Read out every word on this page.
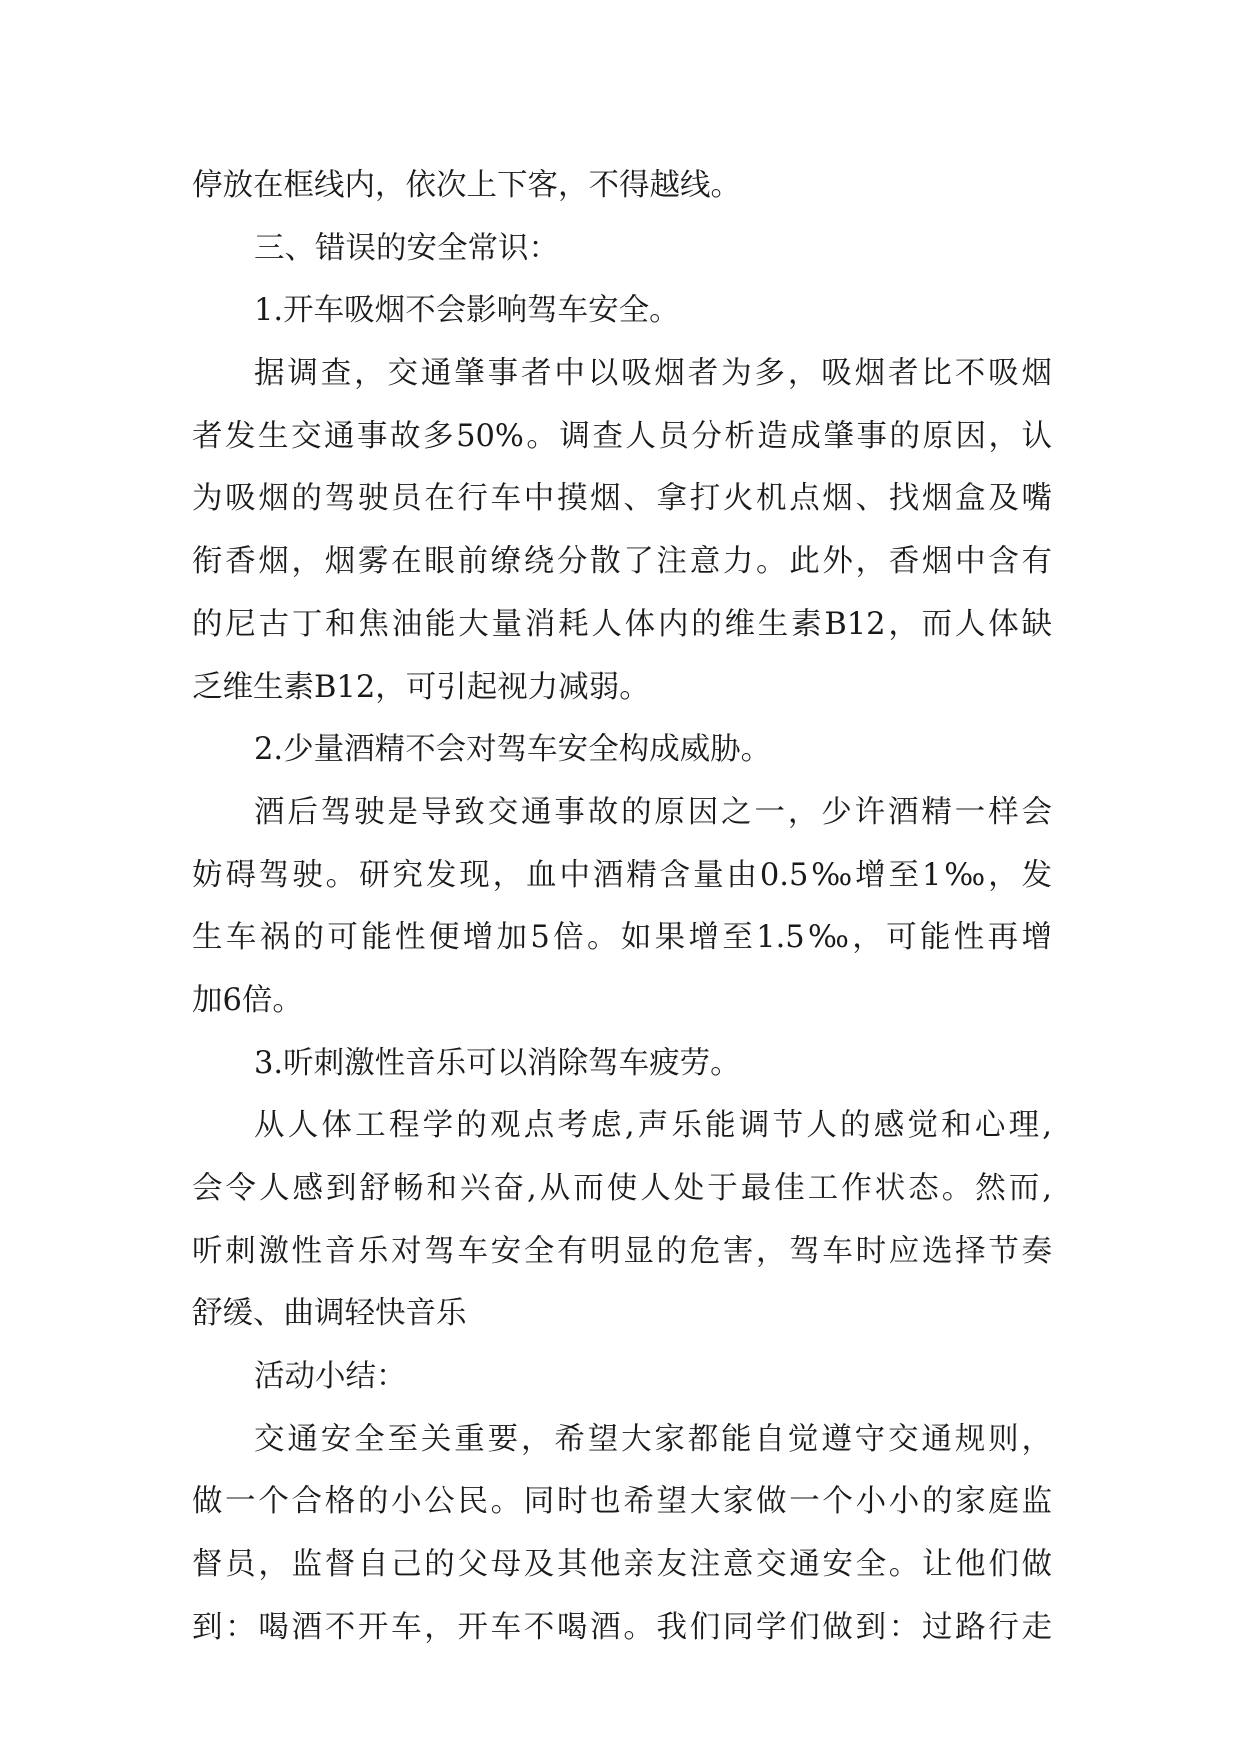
停放在框线内，依次上下客，不得越线。
三、错误的安全常识：
1.开车吸烟不会影响驾车安全。
据调查，交通肇事者中以吸烟者为多，吸烟者比不吸烟
者发生交通事故多50%。调查人员分析造成肇事的原因，认
为吸烟的驾驶员在行车中摸烟、拿打火机点烟、找烟盒及嘴
衔香烟，烟雾在眼前缭绕分散了注意力。此外，香烟中含有
的尼古丁和焦油能大量消耗人体内的维生素B12，而人体缺
乏维生素B12，可引起视力减弱。
2.少量酒精不会对驾车安全构成威胁。
酒后驾驶是导致交通事故的原因之一，少许酒精一样会
妨碍驾驶。研究发现，血中酒精含量由0.5‰增至1‰，发
生车祸的可能性便增加5倍。如果增至1.5‰，可能性再增
加6倍。
3.听刺激性音乐可以消除驾车疲劳。
从人体工程学的观点考虑,声乐能调节人的感觉和心理,
会令人感到舒畅和兴奋,从而使人处于最佳工作状态。然而,
听刺激性音乐对驾车安全有明显的危害，驾车时应选择节奏
舒缓、曲调轻快音乐
活动小结：
交通安全至关重要，希望大家都能自觉遵守交通规则，
做一个合格的小公民。同时也希望大家做一个小小的家庭监
督员，监督自己的父母及其他亲友注意交通安全。让他们做
到：喝酒不开车，开车不喝酒。我们同学们做到：过路行走
